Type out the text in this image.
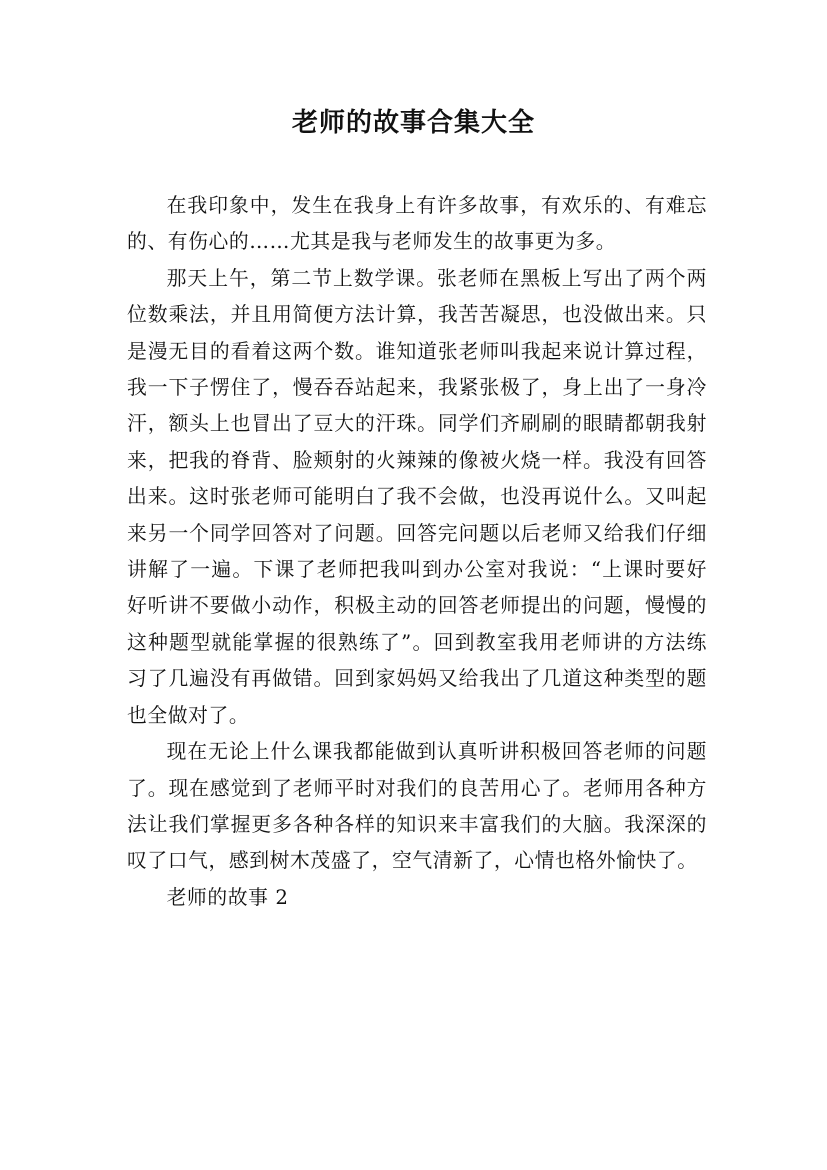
老师的故事合集大全

在我印象中，发生在我身上有许多故事，有欢乐的、有难忘的、有伤心的……尤其是我与老师发生的故事更为多。

那天上午，第二节上数学课。张老师在黑板上写出了两个两位数乘法，并且用简便方法计算，我苦苦凝思，也没做出来。只是漫无目的看着这两个数。谁知道张老师叫我起来说计算过程，我一下子愣住了，慢吞吞站起来，我紧张极了，身上出了一身冷汗，额头上也冒出了豆大的汗珠。同学们齐刷刷的眼睛都朝我射来，把我的脊背、脸颊射的火辣辣的像被火烧一样。我没有回答出来。这时张老师可能明白了我不会做，也没再说什么。又叫起来另一个同学回答对了问题。回答完问题以后老师又给我们仔细讲解了一遍。下课了老师把我叫到办公室对我说：“上课时要好好听讲不要做小动作，积极主动的回答老师提出的问题，慢慢的这种题型就能掌握的很熟练了”。回到教室我用老师讲的方法练习了几遍没有再做错。回到家妈妈又给我出了几道这种类型的题也全做对了。

现在无论上什么课我都能做到认真听讲积极回答老师的问题了。现在感觉到了老师平时对我们的良苦用心了。老师用各种方法让我们掌握更多各种各样的知识来丰富我们的大脑。我深深的叹了口气，感到树木茂盛了，空气清新了，心情也格外愉快了。

老师的故事 2
